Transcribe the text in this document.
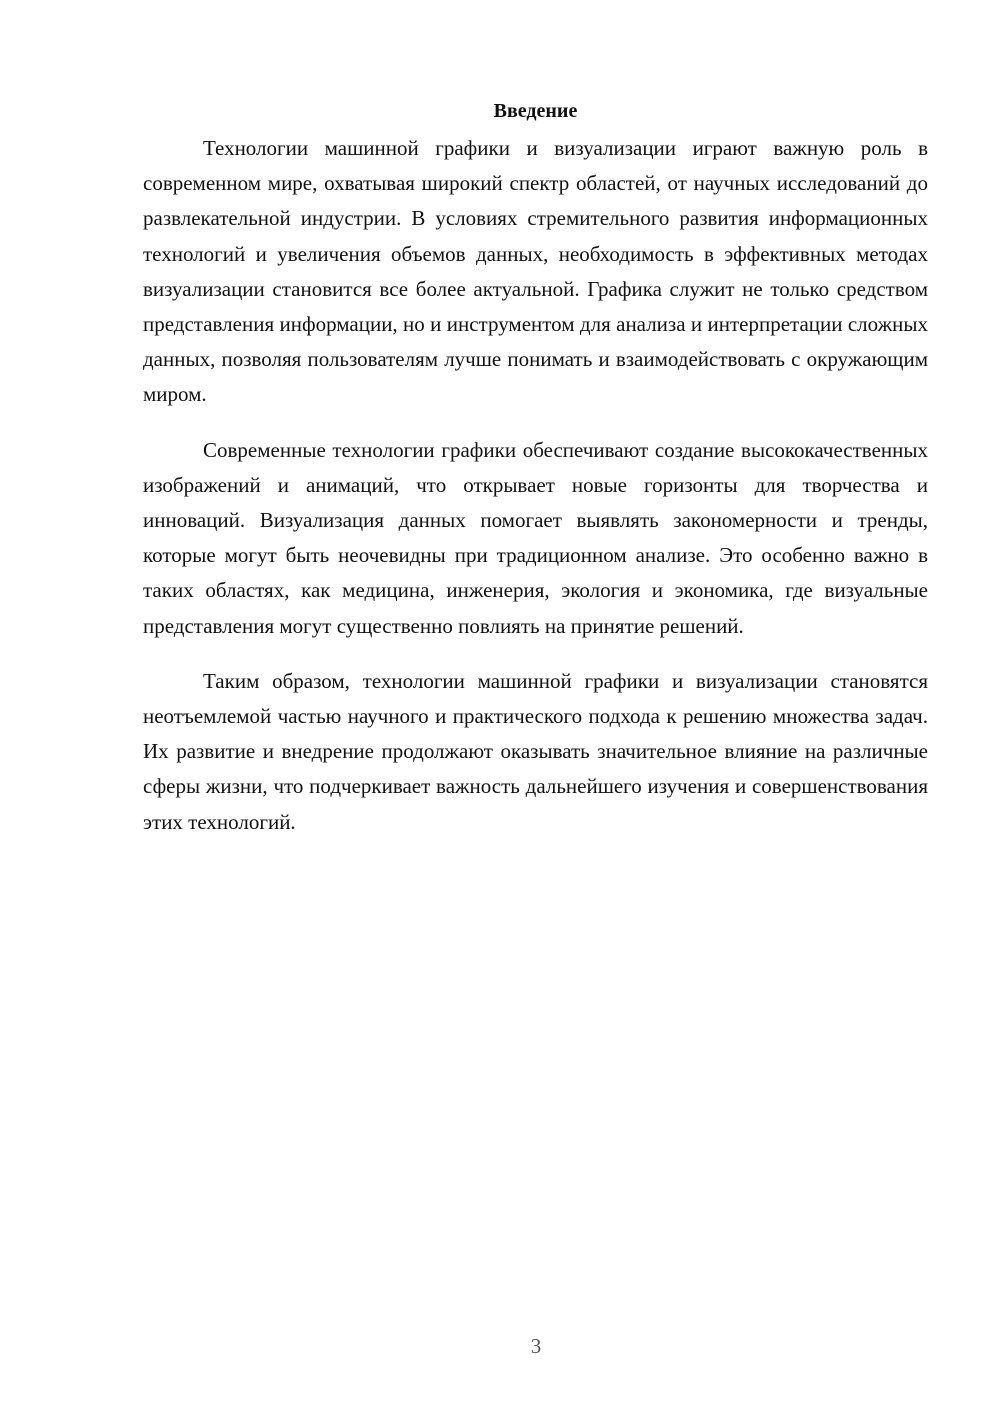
Введение

Технологии машинной графики и визуализации играют важную роль в современном мире, охватывая широкий спектр областей, от научных исследований до развлекательной индустрии. В условиях стремительного развития информационных технологий и увеличения объемов данных, необходимость в эффективных методах визуализации становится все более актуальной. Графика служит не только средством представления информации, но и инструментом для анализа и интерпретации сложных данных, позволяя пользователям лучше понимать и взаимодействовать с окружающим миром.

Современные технологии графики обеспечивают создание высококачественных изображений и анимаций, что открывает новые горизонты для творчества и инноваций. Визуализация данных помогает выявлять закономерности и тренды, которые могут быть неочевидны при традиционном анализе. Это особенно важно в таких областях, как медицина, инженерия, экология и экономика, где визуальные представления могут существенно повлиять на принятие решений.

Таким образом, технологии машинной графики и визуализации становятся неотъемлемой частью научного и практического подхода к решению множества задач. Их развитие и внедрение продолжают оказывать значительное влияние на различные сферы жизни, что подчеркивает важность дальнейшего изучения и совершенствования этих технологий.

3
